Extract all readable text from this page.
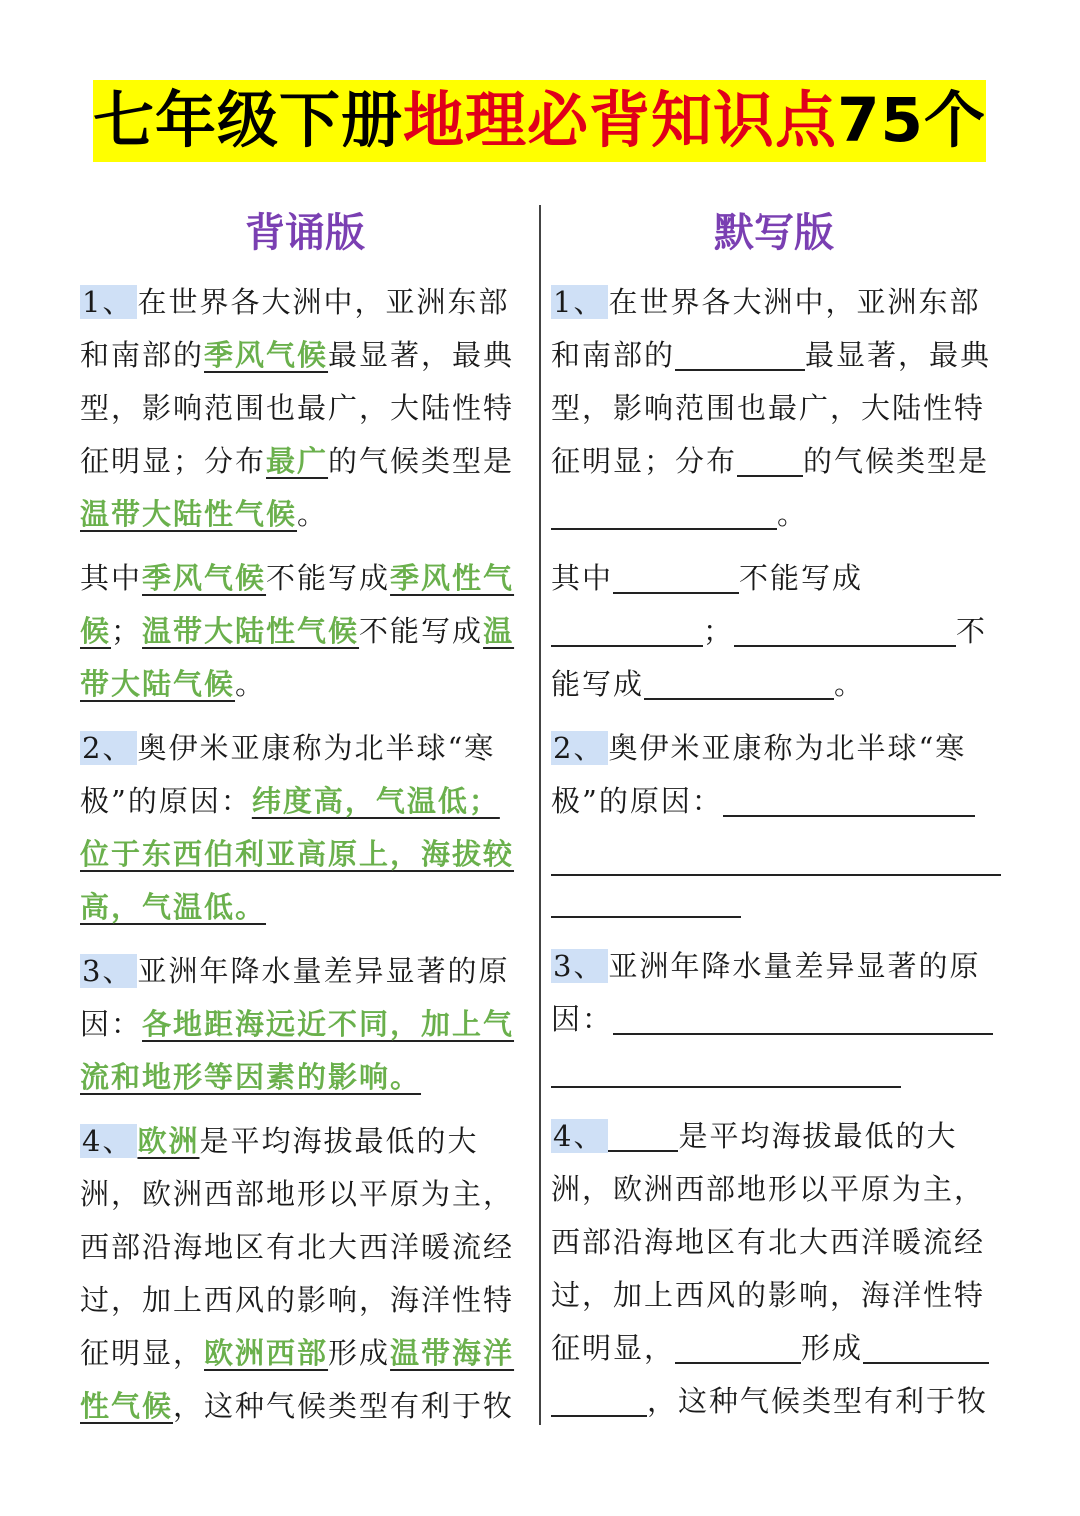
七年级下册 地理必背知识点 75个
背诵版	默写版

1、 在世界各大洲中，亚洲东部和南部的季风气候最显著，最典型，影响范围也最广，大陆性特征明显；分布最广的气候类型是温带大陆性气候。

其中季风气候不能写成季风性气候；温带大陆性气候不能写成温带大陆气候。

2、 奥伊米亚康称为北半球“寒极”的原因：纬度高，气温低；位于东西伯利亚高原上，海拔较高，气温低。

3、 亚洲年降水量差异显著的原因：各地距海远近不同，加上气流和地形等因素的影响。

4、 欧洲是平均海拔最低的大洲，欧洲西部地形以平原为主，西部沿海地区有北大西洋暖流经过，加上西风的影响，海洋性特征明显，欧洲西部形成温带海洋性气候，这种气候类型有利于牧

1、 在世界各大洲中，亚洲东部和南部的	最显著，最典型，影响范围也最广，大陆性特征明显；分布 的气候类型是。

其中	不能写成；	不能写成	。

2、 奥伊米亚康称为北半球“寒极”的原因：

3、 亚洲年降水量差异显著的原因：

4、	是平均海拔最低的大洲，欧洲西部地形以平原为主，西部沿海地区有北大西洋暖流经过，加上西风的影响，海洋性特征明显，	形成，这种气候类型有利于牧
